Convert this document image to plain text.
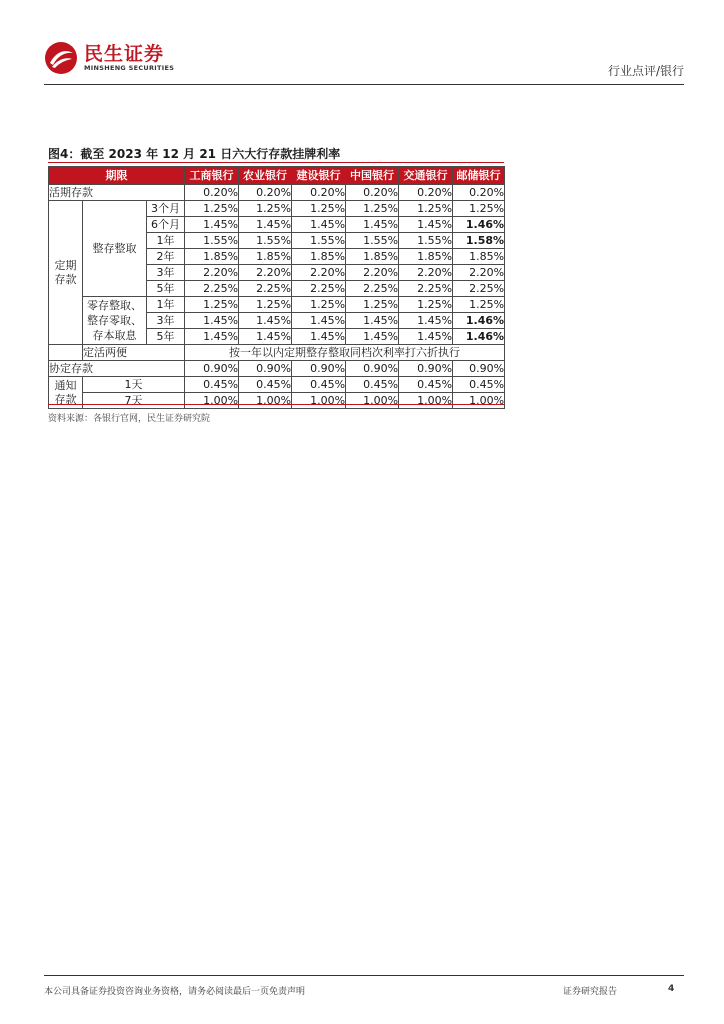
民生证券
MINSHENG SECURITIES	行业点评/银行
图4：截至 2023 年 12 月 21 日六大行存款挂牌利率
期限			工商银行	农业银行	建设银行	中国银行	交通银行	邮储银行
活期存款			0.20%	0.20%	0.20%	0.20%	0.20%	0.20%
定期存款	整存整取	3个月	1.25%	1.25%	1.25%	1.25%	1.25%	1.25%
		6个月	1.45%	1.45%	1.45%	1.45%	1.45%	1.46%
		1年	1.55%	1.55%	1.55%	1.55%	1.55%	1.58%
		2年	1.85%	1.85%	1.85%	1.85%	1.85%	1.85%
		3年	2.20%	2.20%	2.20%	2.20%	2.20%	2.20%
		5年	2.25%	2.25%	2.25%	2.25%	2.25%	2.25%
	零存整取、整存零取、存本取息	1年	1.25%	1.25%	1.25%	1.25%	1.25%	1.25%
		3年	1.45%	1.45%	1.45%	1.45%	1.45%	1.46%
		5年	1.45%	1.45%	1.45%	1.45%	1.45%	1.46%
	定活两便		按一年以内定期整存整取同档次利率打六折执行					
协定存款			0.90%	0.90%	0.90%	0.90%	0.90%	0.90%
通知存款	1天		0.45%	0.45%	0.45%	0.45%	0.45%	0.45%
	7天		1.00%	1.00%	1.00%	1.00%	1.00%	1.00%
资料来源：各银行官网，民生证券研究院
本公司具备证券投资咨询业务资格，请务必阅读最后一页免责声明	证券研究报告	4
